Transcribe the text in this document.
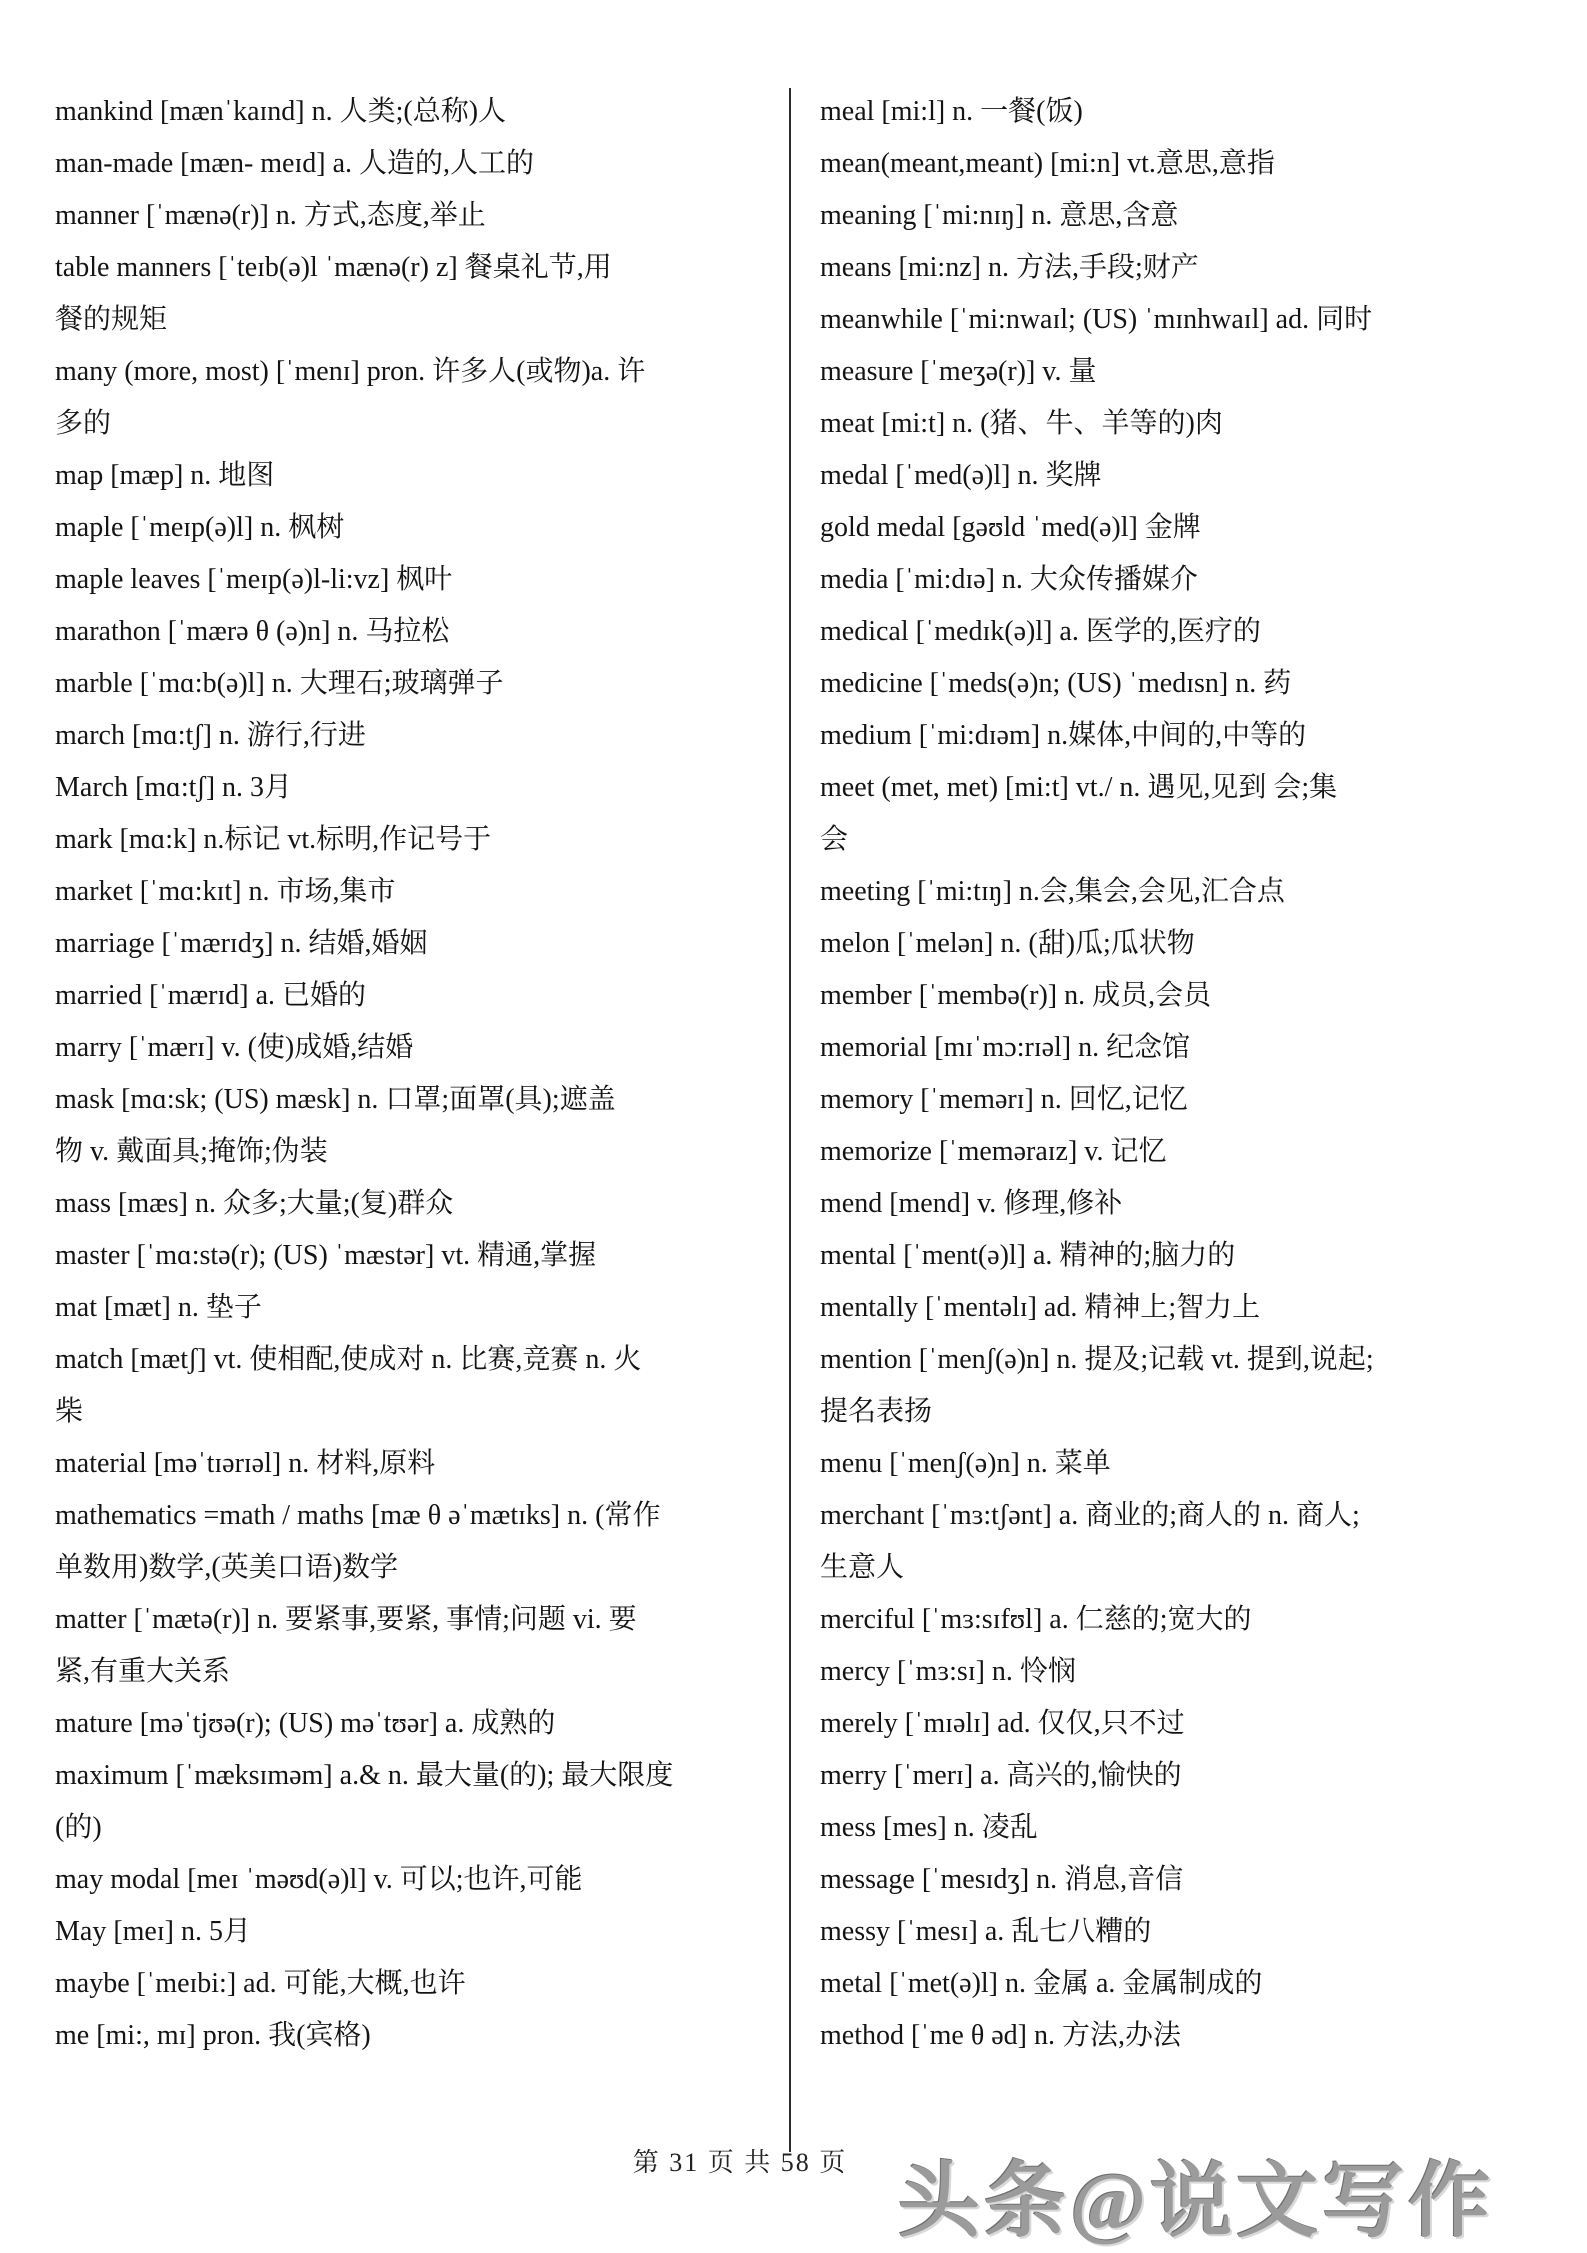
mankind [mænˈkaɪnd] n. 人类;(总称)人
man-made [mæn- meɪd] a. 人造的,人工的
manner [ˈmænə(r)] n. 方式,态度,举止
table manners [ˈteɪb(ə)l ˈmænə(r) z] 餐桌礼节,用
餐的规矩
many (more, most) [ˈmenɪ] pron. 许多人(或物)a. 许
多的
map [mæp] n. 地图
maple [ˈmeɪp(ə)l] n. 枫树
maple leaves [ˈmeɪp(ə)l-li:vz] 枫叶
marathon [ˈmærə θ (ə)n] n. 马拉松
marble [ˈmɑ:b(ə)l] n. 大理石;玻璃弹子
march [mɑ:tʃ] n. 游行,行进
March [mɑ:tʃ] n. 3月
mark [mɑ:k] n.标记 vt.标明,作记号于
market [ˈmɑ:kɪt] n. 市场,集市
marriage [ˈmærɪdʒ] n. 结婚,婚姻
married [ˈmærɪd] a. 已婚的
marry [ˈmærɪ] v. (使)成婚,结婚
mask [mɑ:sk; (US) mæsk] n. 口罩;面罩(具);遮盖
物 v. 戴面具;掩饰;伪装
mass [mæs] n. 众多;大量;(复)群众
master [ˈmɑ:stə(r); (US) ˈmæstər] vt. 精通,掌握
mat [mæt] n. 垫子
match [mætʃ] vt. 使相配,使成对 n. 比赛,竞赛 n. 火
柴
material [məˈtɪərɪəl] n. 材料,原料
mathematics =math / maths [mæ θ əˈmætɪks] n. (常作
单数用)数学,(英美口语)数学
matter [ˈmætə(r)] n. 要紧事,要紧, 事情;问题 vi. 要
紧,有重大关系
mature [məˈtjʊə(r); (US) məˈtʊər] a. 成熟的
maximum [ˈmæksɪməm] a.& n. 最大量(的); 最大限度
(的)
may modal [meɪ ˈməʊd(ə)l] v. 可以;也许,可能
May [meɪ] n. 5月
maybe [ˈmeɪbi:] ad. 可能,大概,也许
me [mi:, mɪ] pron. 我(宾格)
meal [mi:l] n. 一餐(饭)
mean(meant,meant) [mi:n] vt.意思,意指
meaning [ˈmi:nɪŋ] n. 意思,含意
means [mi:nz] n. 方法,手段;财产
meanwhile [ˈmi:nwaɪl; (US) ˈmɪnhwaɪl] ad. 同时
measure [ˈmeʒə(r)] v. 量
meat [mi:t] n. (猪、牛、羊等的)肉
medal [ˈmed(ə)l] n. 奖牌
gold medal [gəʊld ˈmed(ə)l] 金牌
media [ˈmi:dɪə] n. 大众传播媒介
medical [ˈmedɪk(ə)l] a. 医学的,医疗的
medicine [ˈmeds(ə)n; (US) ˈmedɪsn] n. 药
medium [ˈmi:dɪəm] n.媒体,中间的,中等的
meet (met, met) [mi:t] vt./ n. 遇见,见到 会;集
会
meeting [ˈmi:tɪŋ] n.会,集会,会见,汇合点
melon [ˈmelən] n. (甜)瓜;瓜状物
member [ˈmembə(r)] n. 成员,会员
memorial [mɪˈmɔ:rɪəl] n. 纪念馆
memory [ˈmemərɪ] n. 回忆,记忆
memorize [ˈmeməraɪz] v. 记忆
mend [mend] v. 修理,修补
mental [ˈment(ə)l] a. 精神的;脑力的
mentally [ˈmentəlɪ] ad. 精神上;智力上
mention [ˈmenʃ(ə)n] n. 提及;记载 vt. 提到,说起;
提名表扬
menu [ˈmenʃ(ə)n] n. 菜单
merchant [ˈmɜ:tʃənt] a. 商业的;商人的 n. 商人;
生意人
merciful [ˈmɜ:sɪfʊl] a. 仁慈的;宽大的
mercy [ˈmɜ:sɪ] n. 怜悯
merely [ˈmɪəlɪ] ad. 仅仅,只不过
merry [ˈmerɪ] a. 高兴的,愉快的
mess [mes] n. 凌乱
message [ˈmesɪdʒ] n. 消息,音信
messy [ˈmesɪ] a. 乱七八糟的
metal [ˈmet(ə)l] n. 金属 a. 金属制成的
method [ˈme θ əd] n. 方法,办法
第 31 页 共 58 页 头条@说文写作
